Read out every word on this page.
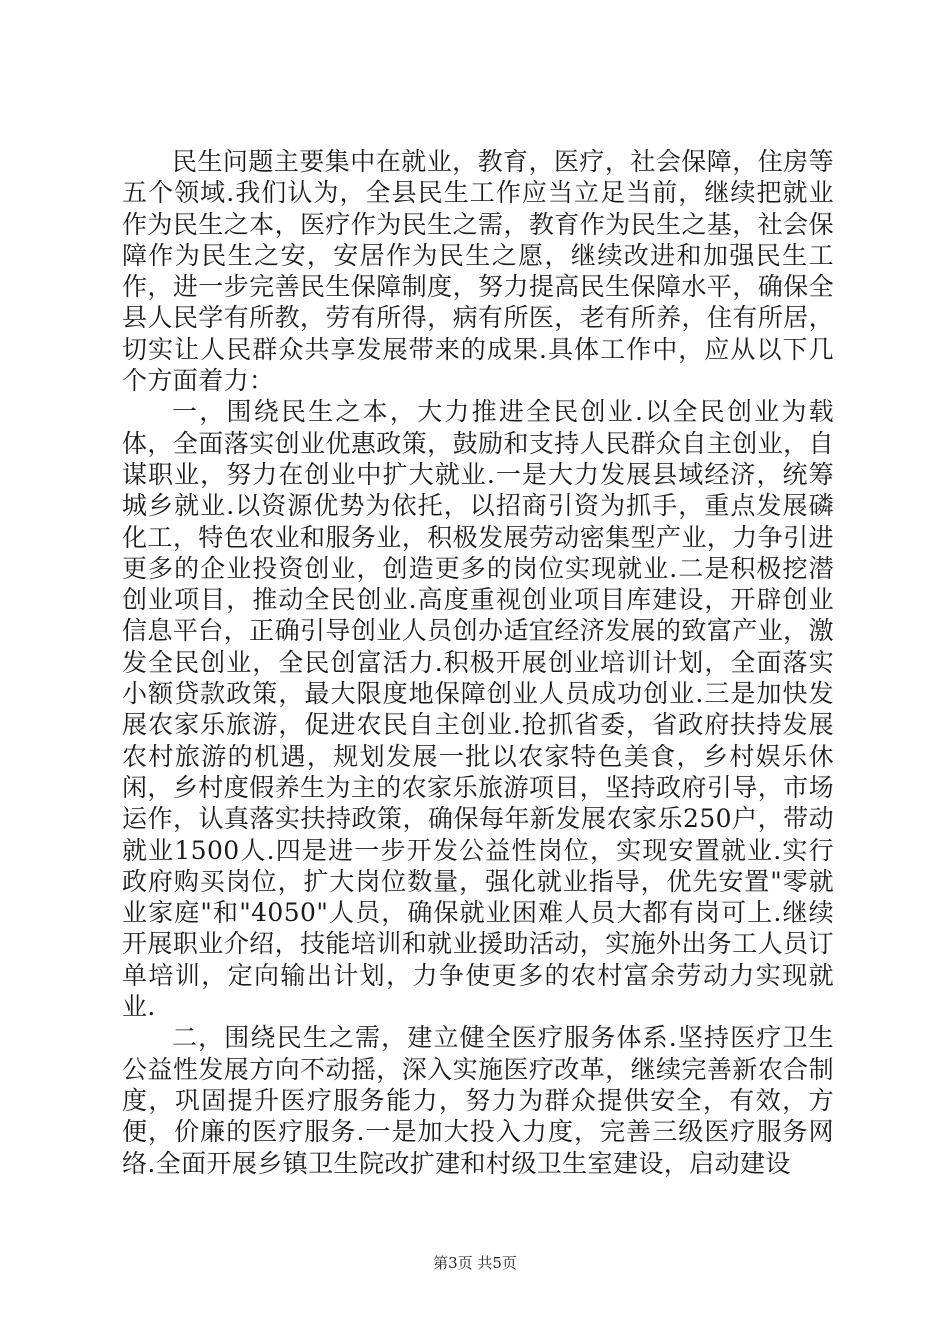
民生问题主要集中在就业，教育，医疗，社会保障，住房等五个领域.我们认为，全县民生工作应当立足当前，继续把就业作为民生之本，医疗作为民生之需，教育作为民生之基，社会保障作为民生之安，安居作为民生之愿，继续改进和加强民生工作，进一步完善民生保障制度，努力提高民生保障水平，确保全县人民学有所教，劳有所得，病有所医，老有所养，住有所居，切实让人民群众共享发展带来的成果.具体工作中，应从以下几个方面着力：

一，围绕民生之本，大力推进全民创业.以全民创业为载体，全面落实创业优惠政策，鼓励和支持人民群众自主创业，自谋职业，努力在创业中扩大就业.一是大力发展县域经济，统筹城乡就业.以资源优势为依托，以招商引资为抓手，重点发展磷化工，特色农业和服务业，积极发展劳动密集型产业，力争引进更多的企业投资创业，创造更多的岗位实现就业.二是积极挖潜创业项目，推动全民创业.高度重视创业项目库建设，开辟创业信息平台，正确引导创业人员创办适宜经济发展的致富产业，激发全民创业，全民创富活力.积极开展创业培训计划，全面落实小额贷款政策，最大限度地保障创业人员成功创业.三是加快发展农家乐旅游，促进农民自主创业.抢抓省委，省政府扶持发展农村旅游的机遇，规划发展一批以农家特色美食，乡村娱乐休闲，乡村度假养生为主的农家乐旅游项目，坚持政府引导，市场运作，认真落实扶持政策，确保每年新发展农家乐250户，带动就业1500人.四是进一步开发公益性岗位，实现安置就业.实行政府购买岗位，扩大岗位数量，强化就业指导，优先安置"零就业家庭"和"4050"人员，确保就业困难人员大都有岗可上.继续开展职业介绍，技能培训和就业援助活动，实施外出务工人员订单培训，定向输出计划，力争使更多的农村富余劳动力实现就业.

二，围绕民生之需，建立健全医疗服务体系.坚持医疗卫生公益性发展方向不动摇，深入实施医疗改革，继续完善新农合制度，巩固提升医疗服务能力，努力为群众提供安全，有效，方便，价廉的医疗服务.一是加大投入力度，完善三级医疗服务网络.全面开展乡镇卫生院改扩建和村级卫生室建设，启动建设

第3页 共5页
